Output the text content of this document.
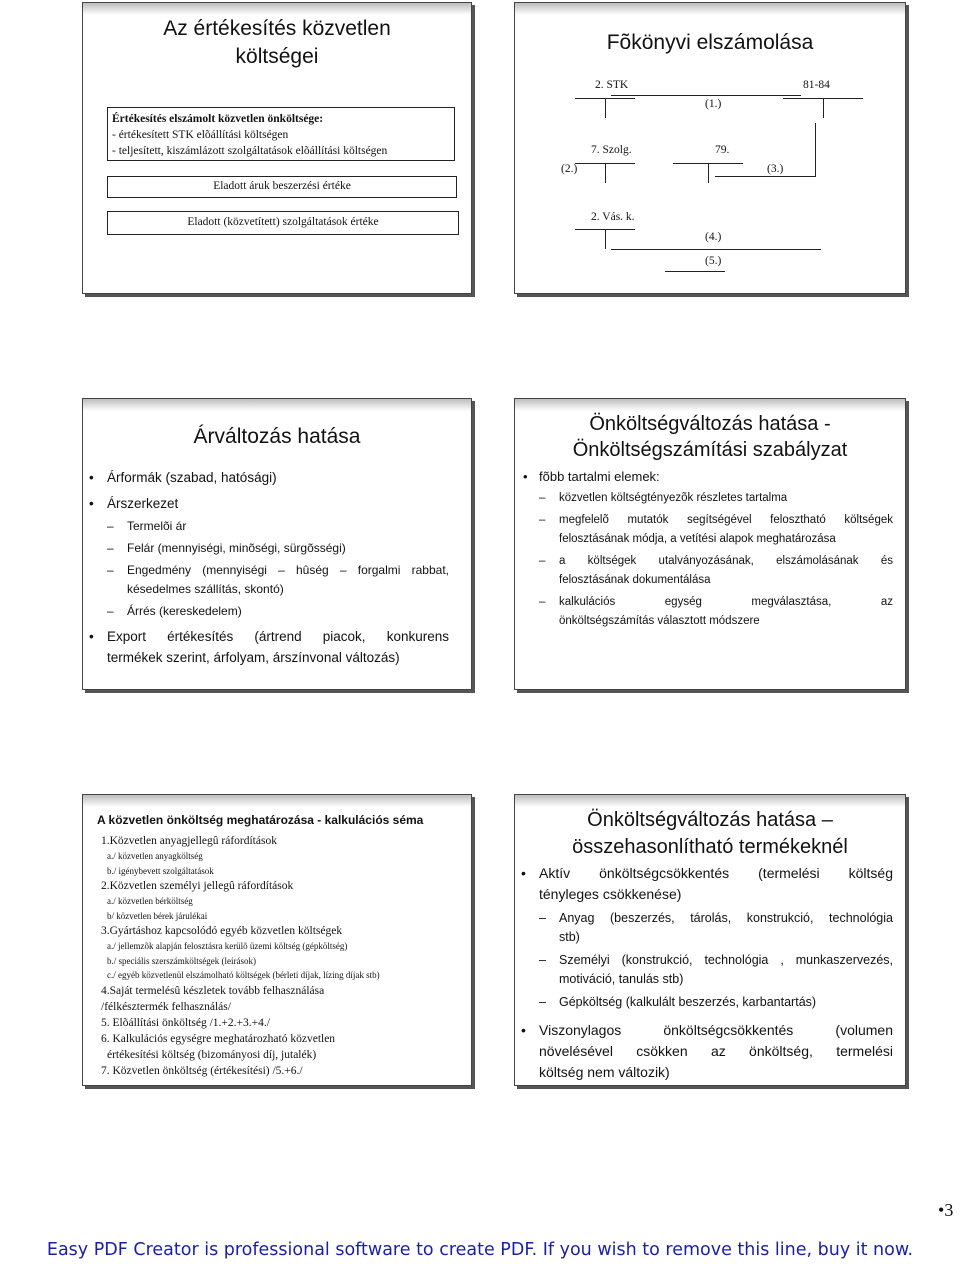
Az értékesítés közvetlen
költségei
Értékesítés elszámolt közvetlen önköltsége:
- értékesített STK elõállítási költségen
- teljesített, kiszámlázott szolgáltatások elõállítási költségen
Eladott áruk beszerzési értéke
Eladott (közvetített) szolgáltatások értéke
Fõkönyvi elszámolása
2. STK	81-84
(1.)
7. Szolg.	79.
(2.)	(3.)
2. Vás. k.
(4.)
(5.)
Árváltozás hatása
• Árformák (szabad, hatósági)
• Árszerkezet
– Termelõi ár
– Felár (mennyiségi, minõségi, sürgõsségi)
– Engedmény (mennyiségi – hûség – forgalmi rabbat,
késedelmes szállítás, skontó)
– Árrés (kereskedelem)
• Export értékesítés (ártrend piacok, konkurens
termékek szerint, árfolyam, árszínvonal változás)
Önköltségváltozás hatása -
Önköltségszámítási szabályzat
• fõbb tartalmi elemek:
– közvetlen költségtényezõk részletes tartalma
– megfelelõ mutatók segítségével felosztható költségek
felosztásának módja, a vetítési alapok meghatározása
– a költségek utalványozásának, elszámolásának és
felosztásának dokumentálása
– kalkulációs egység megválasztása, az
önköltségszámítás választott módszere
A közvetlen önköltség meghatározása - kalkulációs séma
1.Közvetlen anyagjellegû ráfordítások
a./ közvetlen anyagköltség
b./ igénybevett szolgáltatások
2.Közvetlen személyi jellegû ráfordítások
a./ közvetlen bérköltség
b/ közvetlen bérek járulékai
3.Gyártáshoz kapcsolódó egyéb közvetlen költségek
a./ jellemzõk alapján felosztásra kerülõ üzemi költség (gépköltség)
b./ speciális szerszámköltségek (leírások)
c./ egyéb közvetlenül elszámolható költségek (bérleti díjak, lízing díjak stb)
4.Saját termelésû készletek tovább felhasználása
/félkésztermék felhasználás/
5. Elõállítási önköltség /1.+2.+3.+4./
6. Kalkulációs egységre meghatározható közvetlen
értékesítési költség (bizományosi díj, jutalék)
7. Közvetlen önköltség (értékesítési) /5.+6./
Önköltségváltozás hatása –
összehasonlítható termékeknél
• Aktív önköltségcsökkentés (termelési költség
tényleges csökkenése)
– Anyag (beszerzés, tárolás, konstrukció, technológia
stb)
– Személyi (konstrukció, technológia , munkaszervezés,
motiváció, tanulás stb)
– Gépköltség (kalkulált beszerzés, karbantartás)
• Viszonylagos önköltségcsökkentés (volumen
növelésével csökken az önköltség, termelési
költség nem változik)
•3
Easy PDF Creator is professional software to create PDF. If you wish to remove this line, buy it now.
